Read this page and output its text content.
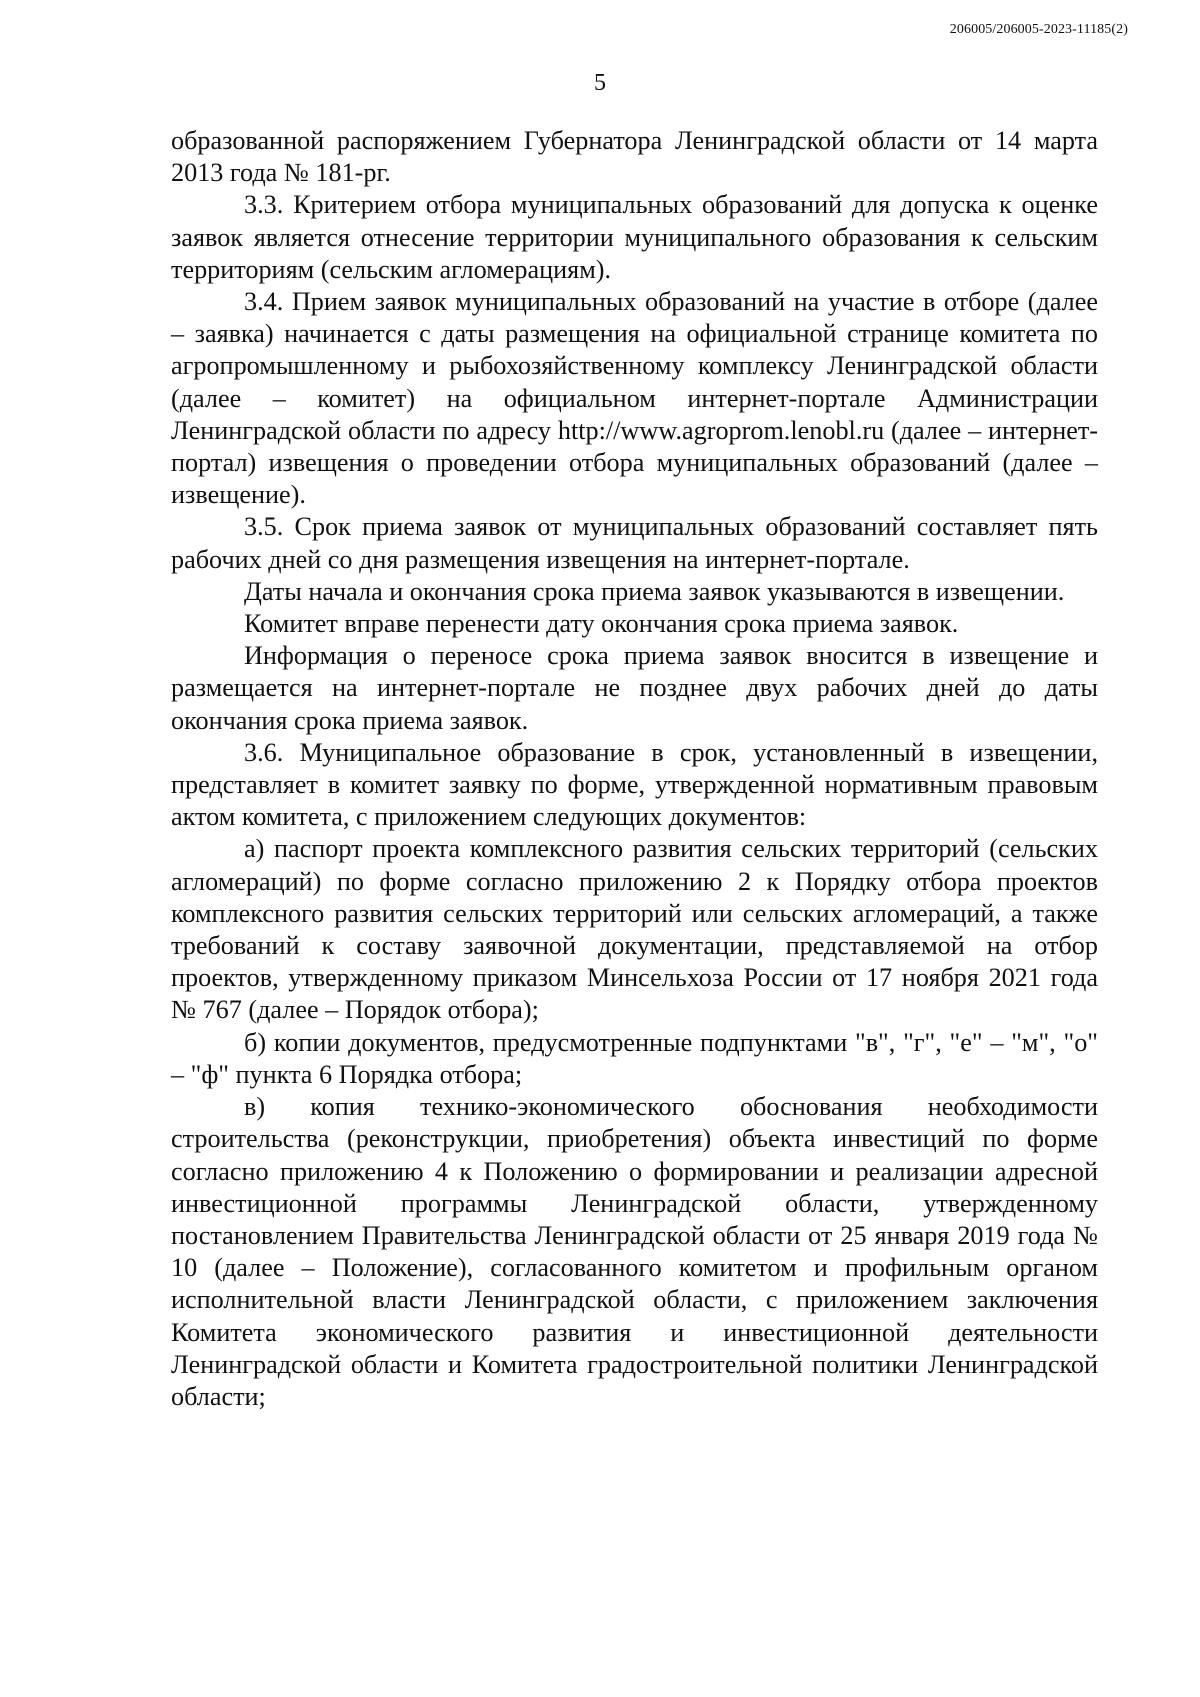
206005/206005-2023-11185(2)
5

образованной распоряжением Губернатора Ленинградской области от 14 марта 2013 года № 181-рг.

3.3. Критерием отбора муниципальных образований для допуска к оценке заявок является отнесение территории муниципального образования к сельским территориям (сельским агломерациям).

3.4. Прием заявок муниципальных образований на участие в отборе (далее – заявка) начинается с даты размещения на официальной странице комитета по агропромышленному и рыбохозяйственному комплексу Ленинградской области (далее – комитет) на официальном интернет-портале Администрации Ленинградской области по адресу http://www.agroprom.lenobl.ru (далее – интернет-портал) извещения о проведении отбора муниципальных образований (далее – извещение).

3.5. Срок приема заявок от муниципальных образований составляет пять рабочих дней со дня размещения извещения на интернет-портале.

Даты начала и окончания срока приема заявок указываются в извещении.

Комитет вправе перенести дату окончания срока приема заявок.

Информация о переносе срока приема заявок вносится в извещение и размещается на интернет-портале не позднее двух рабочих дней до даты окончания срока приема заявок.

3.6. Муниципальное образование в срок, установленный в извещении, представляет в комитет заявку по форме, утвержденной нормативным правовым актом комитета, с приложением следующих документов:

а) паспорт проекта комплексного развития сельских территорий (сельских агломераций) по форме согласно приложению 2 к Порядку отбора проектов комплексного развития сельских территорий или сельских агломераций, а также требований к составу заявочной документации, представляемой на отбор проектов, утвержденному приказом Минсельхоза России от 17 ноября 2021 года № 767 (далее – Порядок отбора);

б) копии документов, предусмотренные подпунктами "в", "г", "е" – "м", "о" – "ф" пункта 6 Порядка отбора;

в) копия технико-экономического обоснования необходимости строительства (реконструкции, приобретения) объекта инвестиций по форме согласно приложению 4 к Положению о формировании и реализации адресной инвестиционной программы Ленинградской области, утвержденному постановлением Правительства Ленинградской области от 25 января 2019 года № 10 (далее – Положение), согласованного комитетом и профильным органом исполнительной власти Ленинградской области, с приложением заключения Комитета экономического развития и инвестиционной деятельности Ленинградской области и Комитета градостроительной политики Ленинградской области;
